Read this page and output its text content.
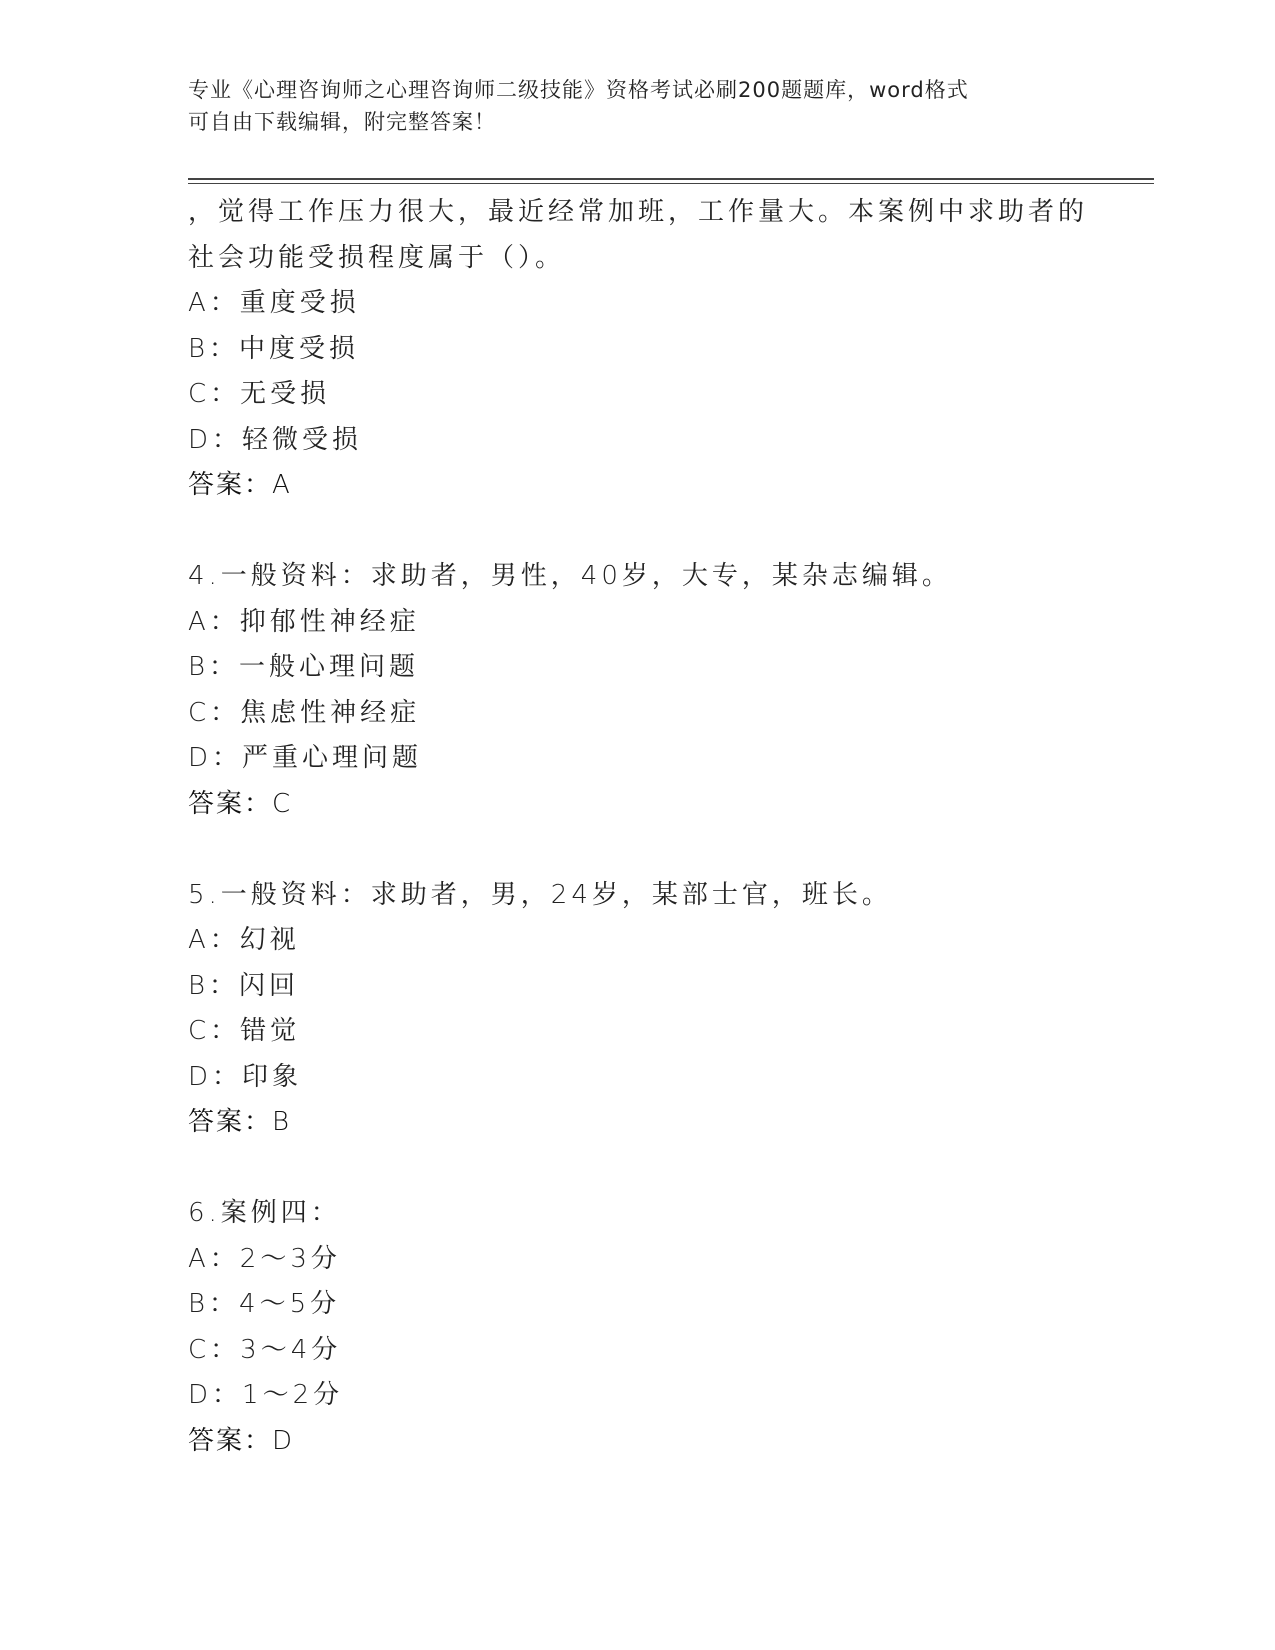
专业《心理咨询师之心理咨询师二级技能》资格考试必刷200题题库，word格式
可自由下载编辑，附完整答案！
，觉得工作压力很大，最近经常加班，工作量大。本案例中求助者的
社会功能受损程度属于（）。
A：重度受损
B：中度受损
C：无受损
D：轻微受损
答案：A
4.一般资料：求助者，男性，40岁，大专，某杂志编辑。
A：抑郁性神经症
B：一般心理问题
C：焦虑性神经症
D：严重心理问题
答案：C
5.一般资料：求助者，男，24岁，某部士官，班长。
A：幻视
B：闪回
C：错觉
D：印象
答案：B
6.案例四：
A：2～3分
B：4～5分
C：3～4分
D：1～2分
答案：D
